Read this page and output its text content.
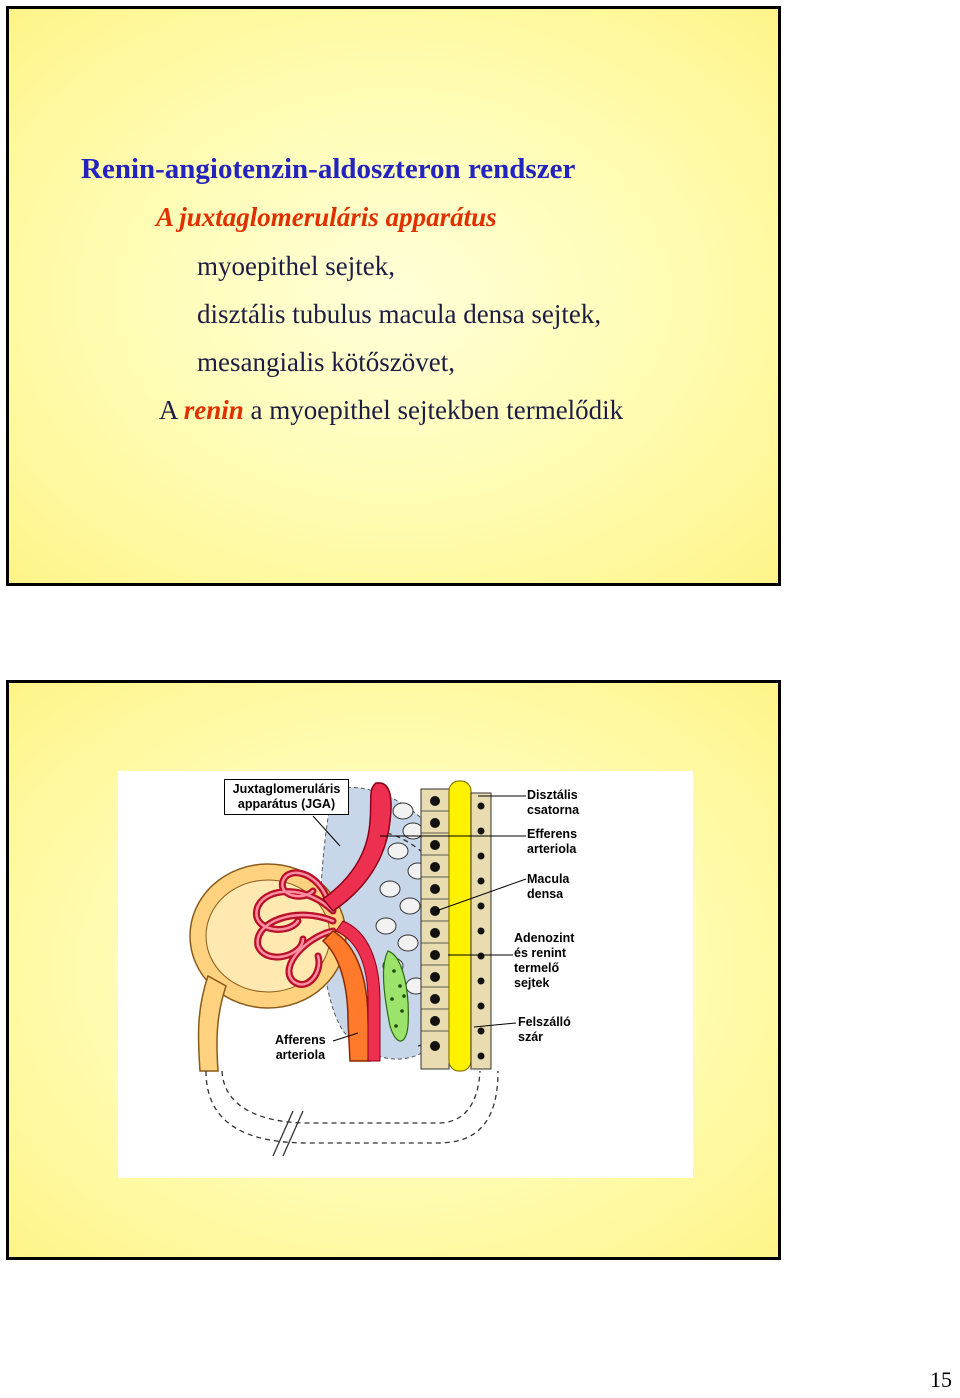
Renin-angiotenzin-aldoszteron rendszer

A juxtaglomeruláris apparátus

myoepithel sejtek,

disztális tubulus macula densa sejtek,

mesangialis kötőszövet,

A renin a myoepithel sejtekben termelődik

Juxtaglomeruláris
apparátus (JGA)

Disztális
csatorna

Efferens
arteriola

Macula
densa

Adenozint
és renint
termelő
sejtek

Felszálló
szár

Afferens
arteriola

15
